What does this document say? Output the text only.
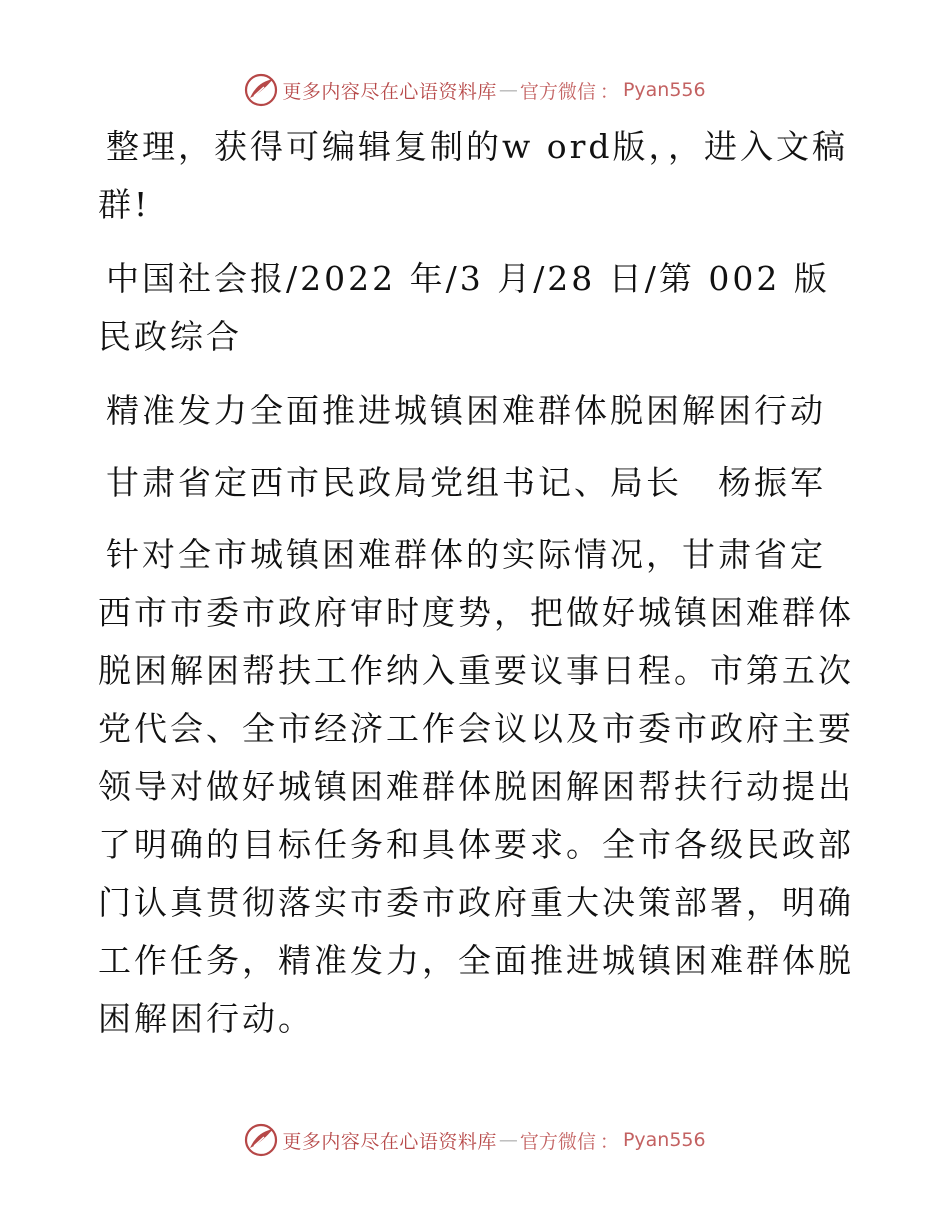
更多内容尽在心语资料库 — 官方微信 ： Pyan556

整理，获得可编辑复制的w ord版，，进入文稿群!

中国社会报/2022 年/3 月/28 日/第 002 版民政综合

精准发力全面推进城镇困难群体脱困解困行动

甘肃省定西市民政局党组书记、局长　杨振军

针对全市城镇困难群体的实际情况，甘肃省定西市市委市政府审时度势，把做好城镇困难群体脱困解困帮扶工作纳入重要议事日程。市第五次党代会、全市经济工作会议以及市委市政府主要领导对做好城镇困难群体脱困解困帮扶行动提出了明确的目标任务和具体要求。全市各级民政部门认真贯彻落实市委市政府重大决策部署，明确工作任务，精准发力，全面推进城镇困难群体脱困解困行动。

更多内容尽在心语资料库 — 官方微信 ： Pyan556
